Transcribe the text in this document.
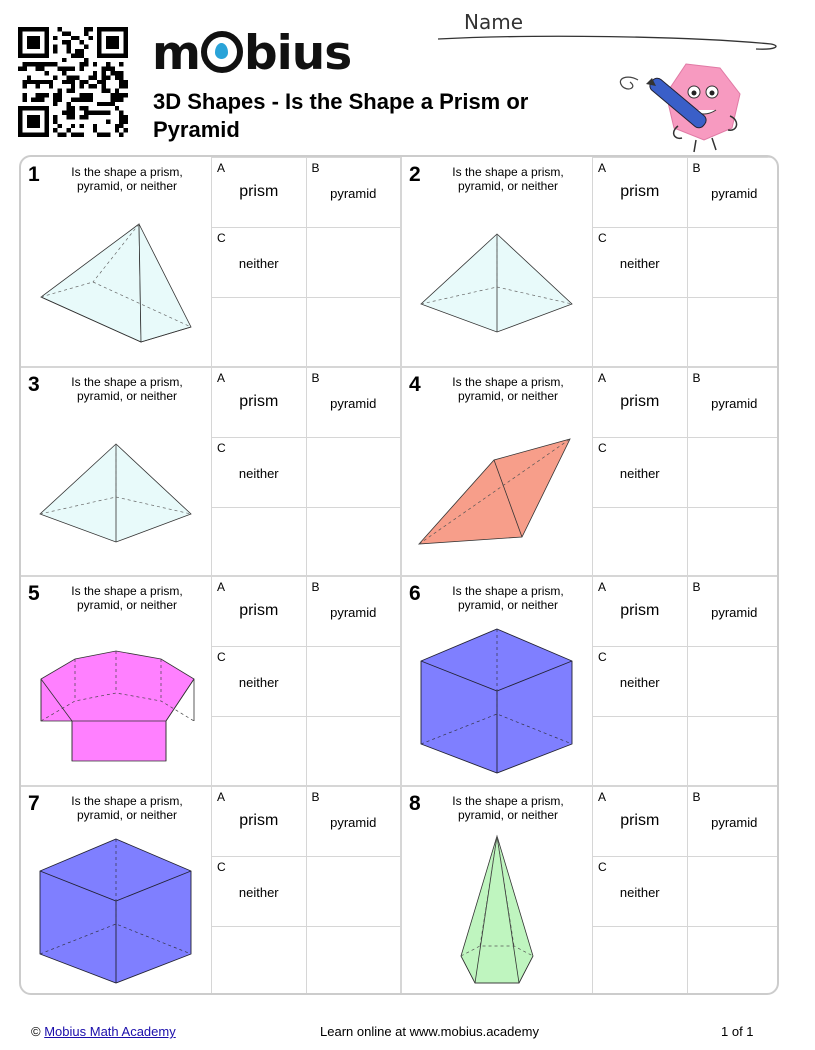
m bius
3D Shapes - Is the Shape a Prism or Pyramid
Name
1	Is the shape a prism, pyramid, or neither
A
prism
B
pyramid
C
neither
2	Is the shape a prism, pyramid, or neither
A
prism
B
pyramid
C
neither
3	Is the shape a prism, pyramid, or neither
A
prism
B
pyramid
C
neither
4	Is the shape a prism, pyramid, or neither
A
prism
B
pyramid
C
neither
5	Is the shape a prism, pyramid, or neither
A
prism
B
pyramid
C
neither
6	Is the shape a prism, pyramid, or neither
A
prism
B
pyramid
C
neither
7	Is the shape a prism, pyramid, or neither
A
prism
B
pyramid
C
neither
8	Is the shape a prism, pyramid, or neither
A
prism
B
pyramid
C
neither
© Mobius Math Academy	Learn online at www.mobius.academy	1 of 1
